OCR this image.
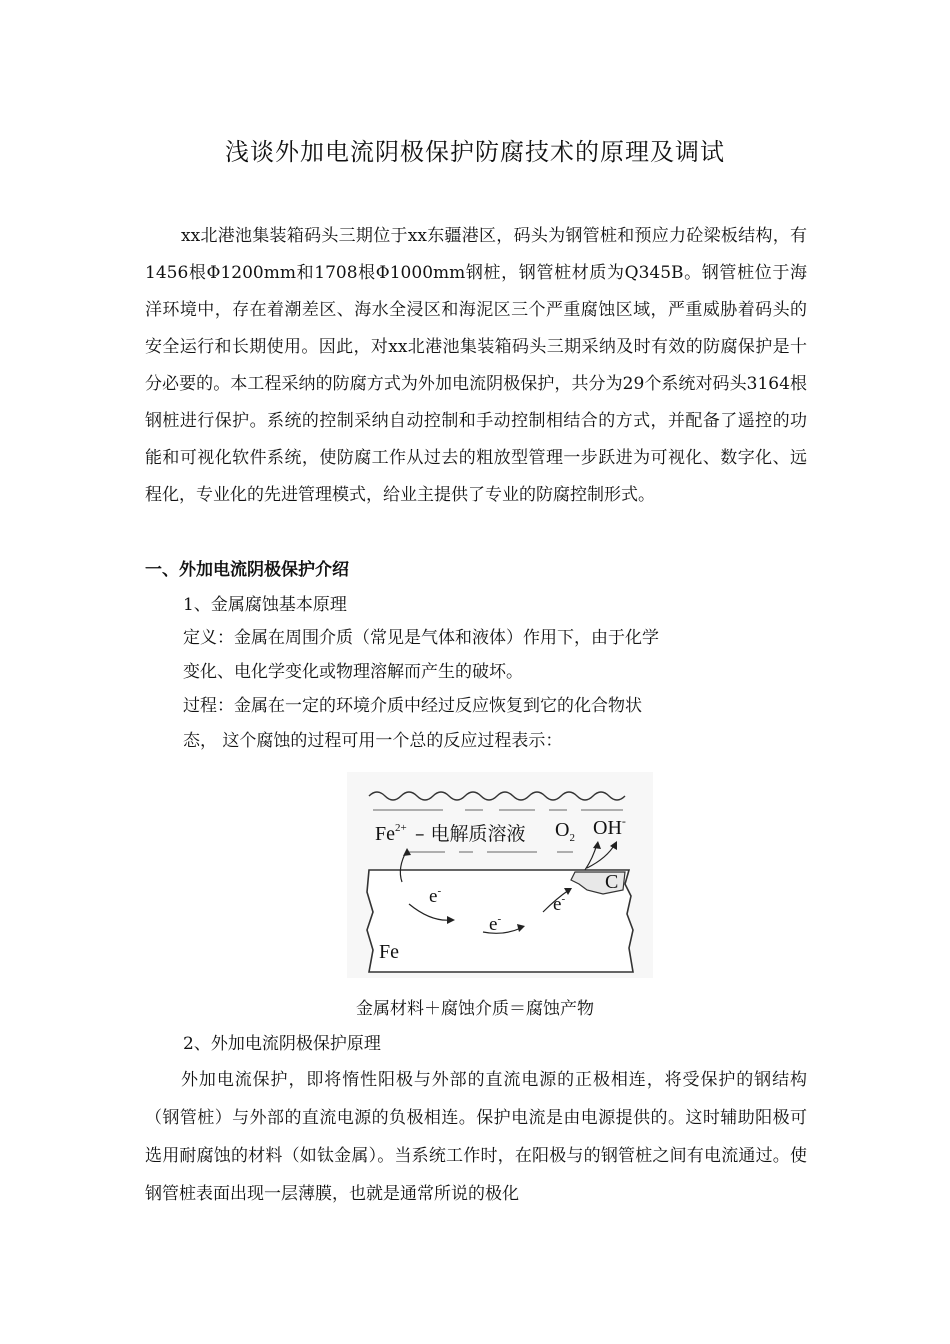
浅谈外加电流阴极保护防腐技术的原理及调试
xx北港池集装箱码头三期位于xx东疆港区，码头为钢管桩和预应力砼梁板结构，有1456根Φ1200mm和1708根Φ1000mm钢桩，钢管桩材质为Q345B。钢管桩位于海洋环境中，存在着潮差区、海水全浸区和海泥区三个严重腐蚀区域，严重威胁着码头的安全运行和长期使用。因此，对xx北港池集装箱码头三期采纳及时有效的防腐保护是十分必要的。本工程采纳的防腐方式为外加电流阴极保护，共分为29个系统对码头3164根钢桩进行保护。系统的控制采纳自动控制和手动控制相结合的方式，并配备了遥控的功能和可视化软件系统，使防腐工作从过去的粗放型管理一步跃进为可视化、数字化、远程化，专业化的先进管理模式，给业主提供了专业的防腐控制形式。
一、外加电流阴极保护介绍
1、金属腐蚀基本原理
定义：金属在周围介质（常见是气体和液体）作用下，由于化学
变化、电化学变化或物理溶解而产生的破坏。
过程：金属在一定的环境介质中经过反应恢复到它的化合物状
态， 这个腐蚀的过程可用一个总的反应过程表示：
$Fe^{2+}$ – 电解质溶液 $O_2$ OH-
C
e-
e-
e-
Fe
金属材料＋腐蚀介质＝腐蚀产物
2、外加电流阴极保护原理
外加电流保护，即将惰性阳极与外部的直流电源的正极相连，将受保护的钢结构（钢管桩）与外部的直流电源的负极相连。保护电流是由电源提供的。这时辅助阳极可选用耐腐蚀的材料（如钛金属）。当系统工作时，在阳极与的钢管桩之间有电流通过。使钢管桩表面出现一层薄膜，也就是通常所说的极化
